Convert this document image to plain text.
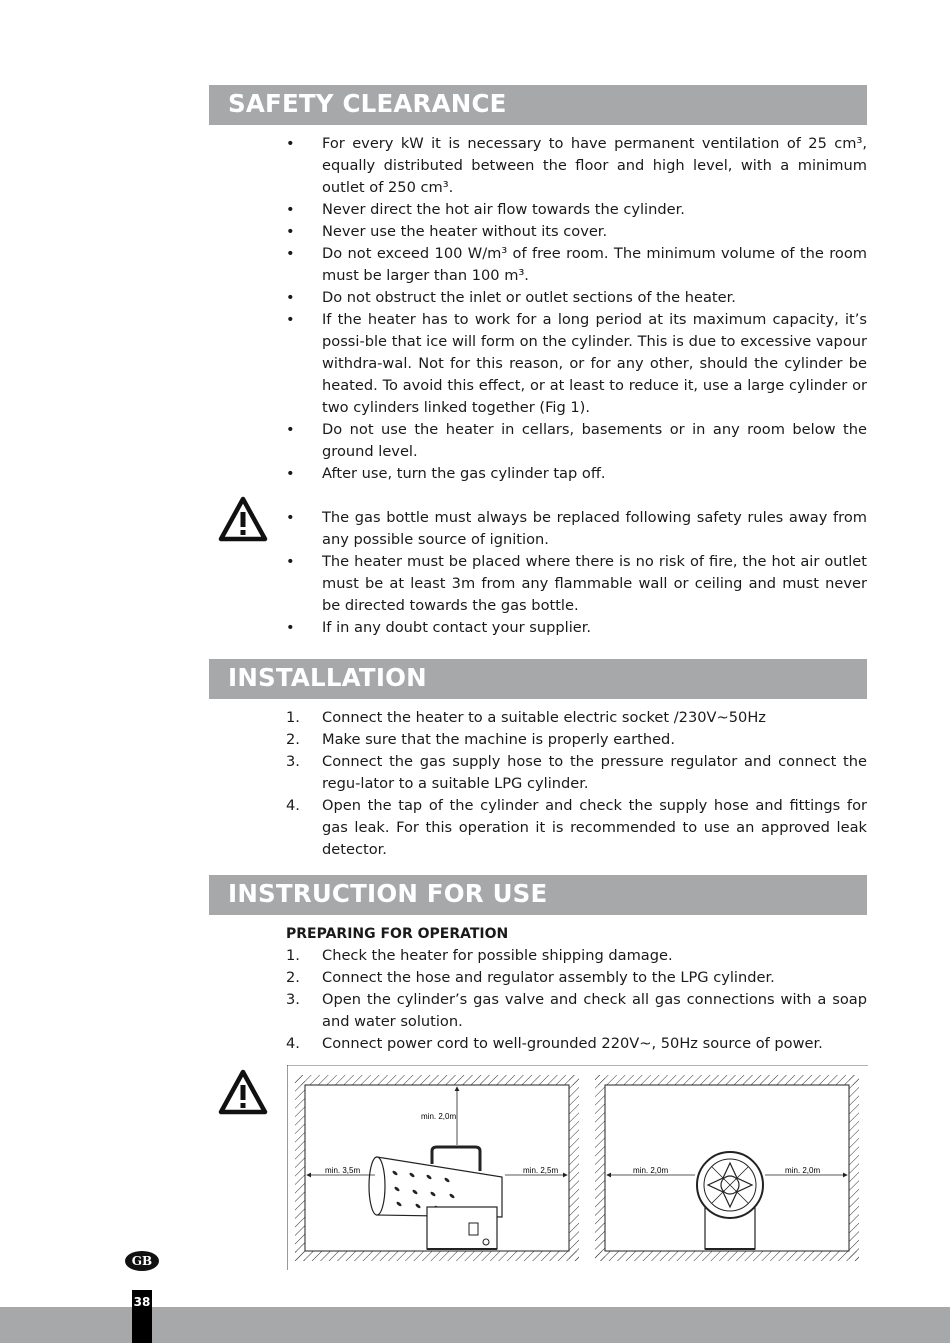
SAFETY CLEARANCE
• For every kW it is necessary to have permanent ventilation of 25 cm³, equally distributed between the floor and high level, with a minimum outlet of 250 cm³.
• Never direct the hot air flow towards the cylinder.
• Never use the heater without its cover.
• Do not exceed 100 W/m³ of free room. The minimum volume of the room must be larger than 100 m³.
• Do not obstruct the inlet or outlet sections of the heater.
• If the heater has to work for a long period at its maximum capacity, it’s possi-ble that ice will form on the cylinder. This is due to excessive vapour withdra-wal. Not for this reason, or for any other, should the cylinder be heated. To avoid this effect, or at least to reduce it, use a large cylinder or two cylinders linked together (Fig 1).
• Do not use the heater in cellars, basements or in any room below the ground level.
• After use, turn the gas cylinder tap off.
• The gas bottle must always be replaced following safety rules away from any possible source of ignition.
• The heater must be placed where there is no risk of fire, the hot air outlet must be at least 3m from any flammable wall or ceiling and must never be directed towards the gas bottle.
• If in any doubt contact your supplier.
INSTALLATION
1. Connect the heater to a suitable electric socket /230V~50Hz
2. Make sure that the machine is properly earthed.
3. Connect the gas supply hose to the pressure regulator and connect the regu-lator to a suitable LPG cylinder.
4. Open the tap of the cylinder and check the supply hose and fittings for gas leak. For this operation it is recommended to use an approved leak detector.
INSTRUCTION FOR USE
PREPARING FOR OPERATION
1. Check the heater for possible shipping damage.
2. Connect the hose and regulator assembly to the LPG cylinder.
3. Open the cylinder’s gas valve and check all gas connections with a soap and water solution.
4. Connect power cord to well-grounded 220V~, 50Hz source of power.
min. 2,0m
min. 3,5m	min. 2,5m	min. 2,0m	min. 2,0m
GB
38
